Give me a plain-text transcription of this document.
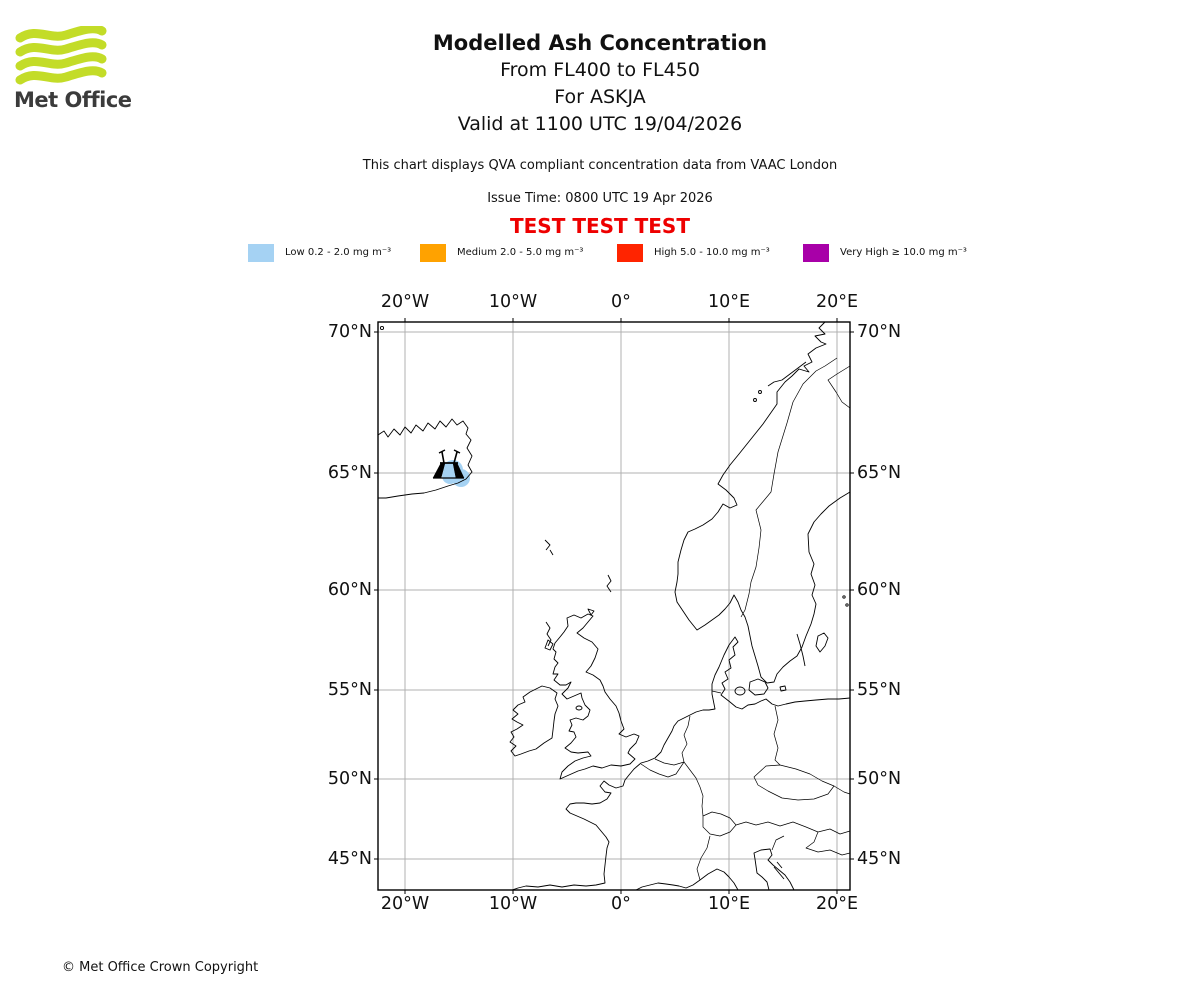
Met Office
Modelled Ash Concentration
From FL400 to FL450
For ASKJA
Valid at 1100 UTC 19/04/2026
This chart displays QVA compliant concentration data from VAAC London
Issue Time: 0800 UTC 19 Apr 2026
TEST TEST TEST
Low 0.2 - 2.0 mg m⁻³	Medium 2.0 - 5.0 mg m⁻³	High 5.0 - 10.0 mg m⁻³	Very High ≥ 10.0 mg m⁻³
20°W	10°W	0°	10°E	20°E
20°W	10°W	0°	10°E	20°E
70°N
65°N
60°N
55°N
50°N
45°N
70°N
65°N
60°N
55°N
50°N
45°N
© Met Office Crown Copyright
